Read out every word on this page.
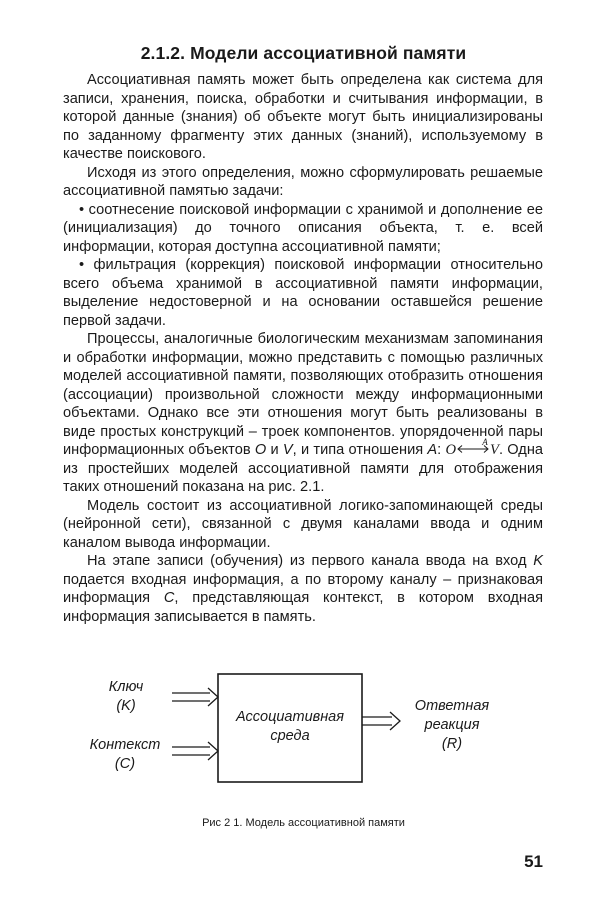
2.1.2. Модели ассоциативной памяти

Ассоциативная память может быть определена как система для записи, хранения, поиска, обработки и считывания информации, в которой данные (знания) об объекте могут быть инициализированы по заданному фрагменту этих данных (знаний), используемому в качестве поискового.

Исходя из этого определения, можно сформулировать решаемые ассоциативной памятью задачи:

• соотнесение поисковой информации с хранимой и дополнение ее (инициализация) до точного описания объекта, т. е. всей информации, которая доступна ассоциативной памяти;

• фильтрация (коррекция) поисковой информации относительно всего объема хранимой в ассоциативной памяти информации, выделение недостоверной и на основании оставшейся решение первой задачи.

Процессы, аналогичные биологическим механизмам запоминания и обработки информации, можно представить с помощью различных моделей ассоциативной памяти, позволяющих отобразить отношения (ассоциации) произвольной сложности между информационными объектами. Однако все эти отношения могут быть реализованы в виде простых конструкций – троек компонентов. упорядоченной пары информационных объектов O и V, и типа отношения A: O	A V. Одна из простейших моделей ассоциативной памяти для отображения таких отношений показана на рис. 2.1.

Модель состоит из ассоциативной логико-запоминающей среды (нейронной сети), связанной с двумя каналами ввода и одним каналом вывода информации.

На этапе записи (обучения) из первого канала ввода на вход K подается входная информация, а по второму каналу – признаковая информация C, представляющая контекст, в котором входная информация записывается в память.

Ключ
(K)
Контекст
(C)
Ассоциативная
среда
Ответная
реакция
(R)
Рис 2 1. Модель ассоциативной памяти
51
